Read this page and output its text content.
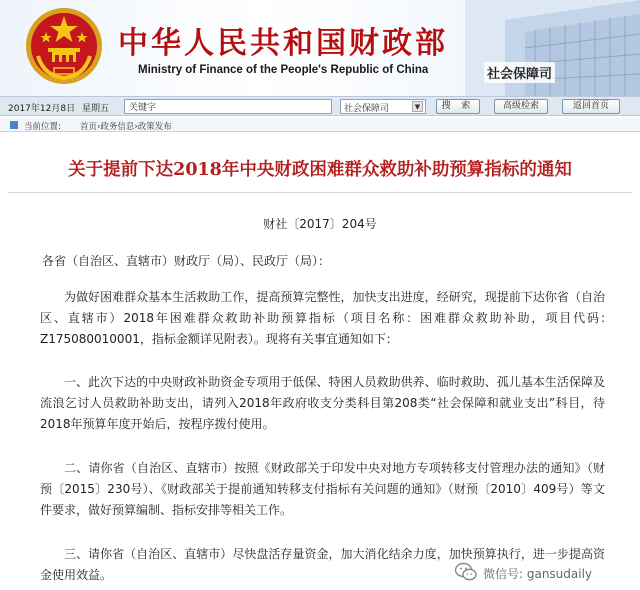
中华人民共和国财政部
Ministry of Finance of the People's Republic of China	社会保障司
2017年12月8日 星期五
关键字	社会保障司	▼	搜 索	高级检索	返回首页
当前位置: 首页›政务信息›政策发布
关于提前下达2018年中央财政困难群众救助补助预算指标的通知
财社〔2017〕204号
各省（自治区、直辖市）财政厅（局）、民政厅（局）：

为做好困难群众基本生活救助工作，提高预算完整性，加快支出进度，经研究，现提前下达你省（自治区、直辖市）2018年困难群众救助补助预算指标（项目名称：困难群众救助补助，项目代码: Z175080010001，指标金额详见附表）。现将有关事宜通知如下：

一、此次下达的中央财政补助资金专项用于低保、特困人员救助供养、临时救助、孤儿基本生活保障及流浪乞讨人员救助补助支出，请列入2018年政府收支分类科目第208类“社会保障和就业支出”科目，待2018年预算年度开始后，按程序拨付使用。

二、请你省（自治区、直辖市）按照《财政部关于印发中央对地方专项转移支付管理办法的通知》（财预〔2015〕230号）、《财政部关于提前通知转移支付指标有关问题的通知》（财预〔2010〕409号）等文件要求，做好预算编制、指标安排等相关工作。

三、请你省（自治区、直辖市）尽快盘活存量资金，加大消化结余力度，加快预算执行，进一步提高资金使用效益。	微信号: gansudaily
